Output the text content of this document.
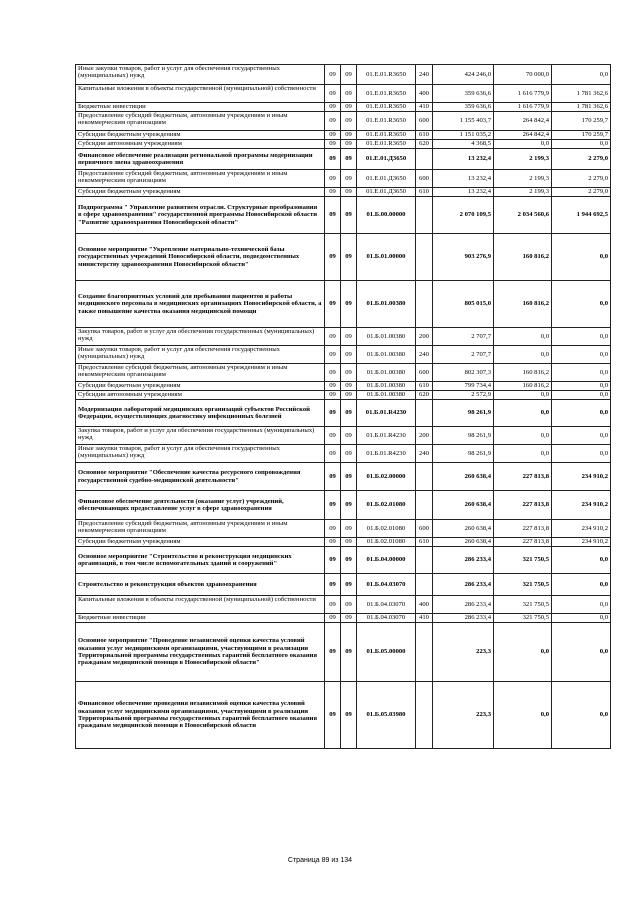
Иные закупки товаров, работ и услуг для обеспечения государственных (муниципальных) нужд	09	09	01.Е.01.R3650	240	424 246,0	70 000,0	0,0
Капитальные вложения в объекты государственной (муниципальной) собственности	09	09	01.Е.01.R3650	400	359 636,6	1 616 779,9	1 781 362,6
Бюджетные инвестиции	09	09	01.Е.01.R3650	410	359 636,6	1 616 779,9	1 781 362,6
Предоставление субсидий бюджетным, автономным учреждениям и иным некоммерческим организациям	09	09	01.Е.01.R3650	600	1 155 403,7	264 842,4	170 259,7
Субсидии бюджетным учреждениям	09	09	01.Е.01.R3650	610	1 151 035,2	264 842,4	170 259,7
Субсидии автономным учреждениям	09	09	01.Е.01.R3650	620	4 368,5	0,0	0,0
Финансовое обеспечение реализации региональной программы модернизации первичного звена здравоохранения	09	09	01.Е.01.Д3650		13 232,4	2 199,3	2 279,0
Предоставление субсидий бюджетным, автономным учреждениям и иным некоммерческим организациям	09	09	01.Е.01.Д3650	600	13 232,4	2 199,3	2 279,0
Субсидии бюджетным учреждениям	09	09	01.Е.01.Д3650	610	13 232,4	2 199,3	2 279,0
Подпрограмма " Управление развитием отрасли. Структурные преобразования в сфере здравоохранения" государственной программы Новосибирской области "Развитие здравоохранения Новосибирской области"	09	09	01.Б.00.00000		2 070 109,5	2 034 560,6	1 944 692,5
Основное мероприятие "Укрепление материально-технической базы государственных учреждений Новосибирской области, подведомственных министерству здравоохранения Новосибирской области"	09	09	01.Б.01.00000		903 276,9	160 816,2	0,0
Создание благоприятных условий для пребывания пациентов и работы медицинского персонала в медицинских организациях Новосибирской области, а также повышение качества оказания медицинской помощи	09	09	01.Б.01.00380		805 015,0	160 816,2	0,0
Закупка товаров, работ и услуг для обеспечения государственных (муниципальных) нужд	09	09	01.Б.01.00380	200	2 707,7	0,0	0,0
Иные закупки товаров, работ и услуг для обеспечения государственных (муниципальных) нужд	09	09	01.Б.01.00380	240	2 707,7	0,0	0,0
Предоставление субсидий бюджетным, автономным учреждениям и иным некоммерческим организациям	09	09	01.Б.01.00380	600	802 307,3	160 816,2	0,0
Субсидии бюджетным учреждениям	09	09	01.Б.01.00380	610	799 734,4	160 816,2	0,0
Субсидии автономным учреждениям	09	09	01.Б.01.00380	620	2 572,9	0,0	0,0
Модернизация лабораторий медицинских организаций субъектов Российской Федерации, осуществляющих диагностику инфекционных болезней	09	09	01.Б.01.R4230		98 261,9	0,0	0,0
Закупка товаров, работ и услуг для обеспечения государственных (муниципальных) нужд	09	09	01.Б.01.R4230	200	98 261,9	0,0	0,0
Иные закупки товаров, работ и услуг для обеспечения государственных (муниципальных) нужд	09	09	01.Б.01.R4230	240	98 261,9	0,0	0,0
Основное мероприятие "Обеспечение качества ресурсного сопровождения государственной судебно-медицинской деятельности"	09	09	01.Б.02.00000		260 638,4	227 813,8	234 910,2
Финансовое обеспечение деятельности (оказание услуг) учреждений, обеспечивающих предоставление услуг в сфере здравоохранения	09	09	01.Б.02.01080		260 638,4	227 813,8	234 910,2
Предоставление субсидий бюджетным, автономным учреждениям и иным некоммерческим организациям	09	09	01.Б.02.01080	600	260 638,4	227 813,8	234 910,2
Субсидии бюджетным учреждениям	09	09	01.Б.02.01080	610	260 638,4	227 813,8	234 910,2
Основное мероприятие "Строительство и реконструкция медицинских организаций, в том числе вспомогательных зданий и сооружений"	09	09	01.Б.04.00000		286 233,4	321 750,5	0,0
Строительство и реконструкция объектов здравоохранения	09	09	01.Б.04.03070		286 233,4	321 750,5	0,0
Капитальные вложения в объекты государственной (муниципальной) собственности	09	09	01.Б.04.03070	400	286 233,4	321 750,5	0,0
Бюджетные инвестиции	09	09	01.Б.04.03070	410	286 233,4	321 750,5	0,0
Основное мероприятие "Проведение независимой оценки качества условий оказания услуг медицинскими организациями, участвующими в реализации Территориальной программы государственных гарантий бесплатного оказания гражданам медицинской помощи в Новосибирской области"	09	09	01.Б.05.00000		223,3	0,0	0,0
Финансовое обеспечение проведения независимой оценки качества условий оказания услуг медицинскими организациями, участвующими в реализации Территориальной программы государственных гарантий бесплатного оказания гражданам медицинской помощи в Новосибирской области	09	09	01.Б.05.03980		223,3	0,0	0,0
Страница 89 из 134
